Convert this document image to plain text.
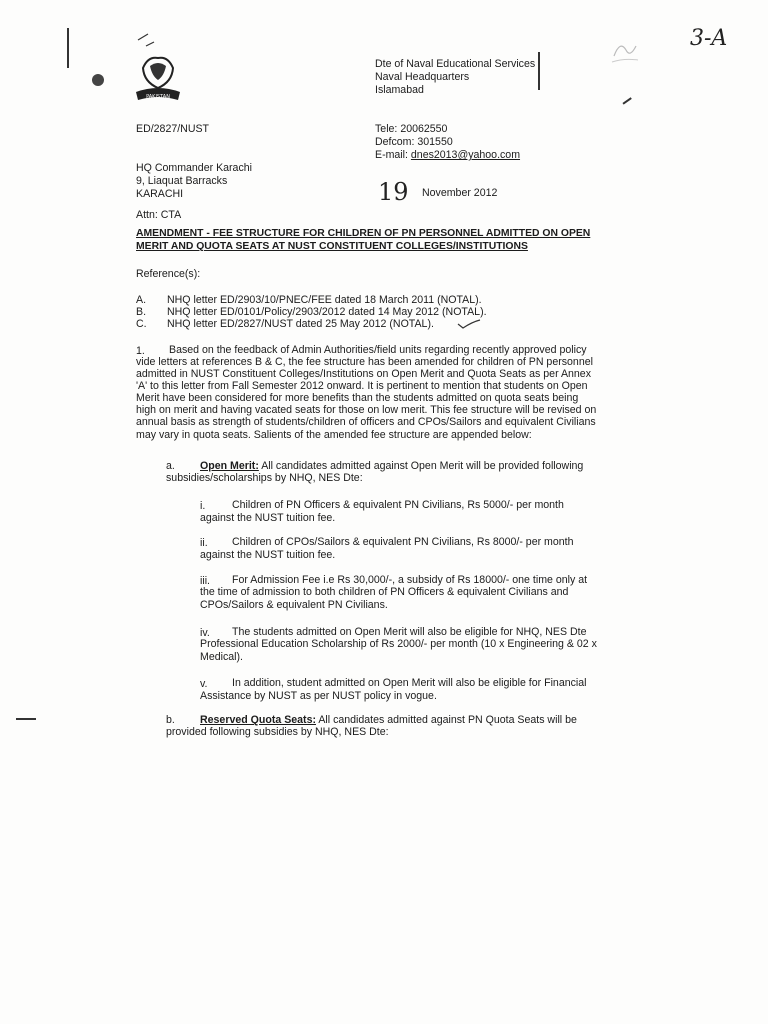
PAKISTAN
3-A
Dte of Naval Educational Services
Naval Headquarters
Islamabad
ED/2827/NUST	Tele: 20062550
Defcom: 301550
E-mail: dnes2013@yahoo.com
HQ Commander Karachi
9, Liaquat Barracks
KARACHI	19 November 2012
Attn: CTA
AMENDMENT - FEE STRUCTURE FOR CHILDREN OF PN PERSONNEL ADMITTED ON OPEN
MERIT AND QUOTA SEATS AT NUST CONSTITUENT COLLEGES/INSTITUTIONS
Reference(s):
A. NHQ letter ED/2903/10/PNEC/FEE dated 18 March 2011 (NOTAL).
B. NHQ letter ED/0101/Policy/2903/2012 dated 14 May 2012 (NOTAL).
C. NHQ letter ED/2827/NUST dated 25 May 2012 (NOTAL).
1. Based on the feedback of Admin Authorities/field units regarding recently approved policy
vide letters at references B & C, the fee structure has been amended for children of PN personnel
admitted in NUST Constituent Colleges/Institutions on Open Merit and Quota Seats as per Annex
'A' to this letter from Fall Semester 2012 onward. It is pertinent to mention that students on Open
Merit have been considered for more benefits than the students admitted on quota seats being
high on merit and having vacated seats for those on low merit. This fee structure will be revised on
annual basis as strength of students/children of officers and CPOs/Sailors and equivalent Civilians
may vary in quota seats. Salients of the amended fee structure are appended below:
a. Open Merit: All candidates admitted against Open Merit will be provided following
subsidies/scholarships by NHQ, NES Dte:
i.	Children of PN Officers & equivalent PN Civilians, Rs 5000/- per month
against the NUST tuition fee.
ii. Children of CPOs/Sailors & equivalent PN Civilians, Rs 8000/- per month
against the NUST tuition fee.
iii. For Admission Fee i.e Rs 30,000/-, a subsidy of Rs 18000/- one time only at
the time of admission to both children of PN Officers & equivalent Civilians and
CPOs/Sailors & equivalent PN Civilians.
iv. The students admitted on Open Merit will also be eligible for NHQ, NES Dte
Professional Education Scholarship of Rs 2000/- per month (10 x Engineering & 02 x
Medical).
v. In addition, student admitted on Open Merit will also be eligible for Financial
Assistance by NUST as per NUST policy in vogue.
b. Reserved Quota Seats: All candidates admitted against PN Quota Seats will be
provided following subsidies by NHQ, NES Dte:
